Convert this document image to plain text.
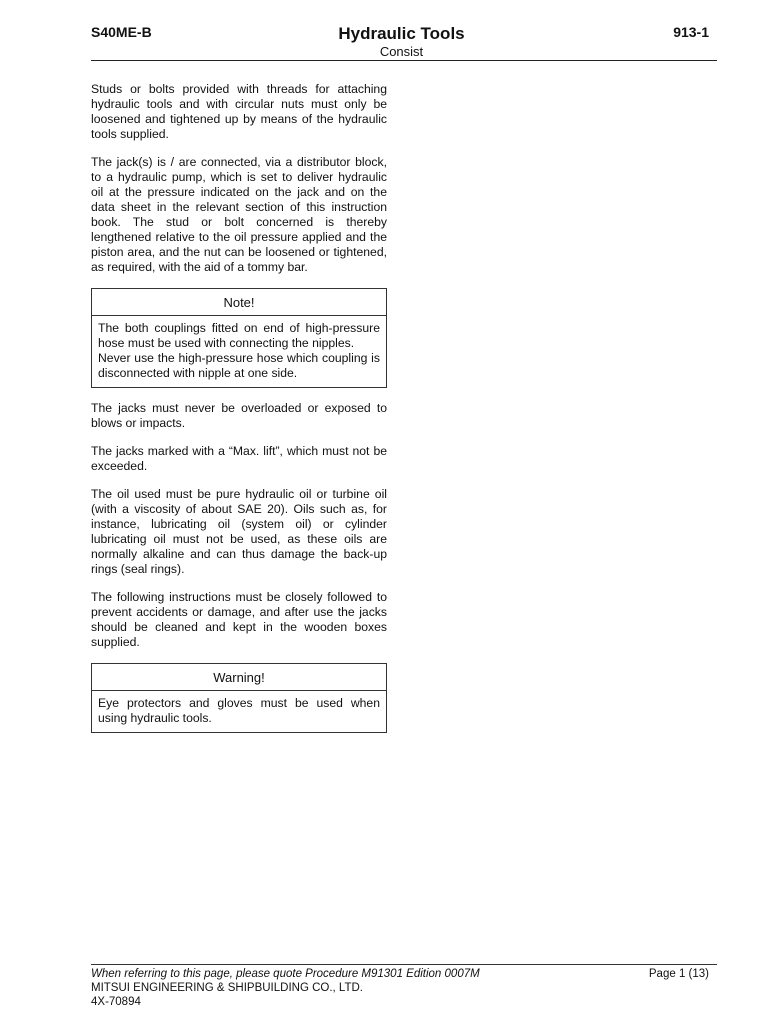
S40ME-B	Hydraulic Tools
Consist
913-1

Studs or bolts provided with threads for attaching hydraulic tools and with circular nuts must only be loosened and tightened up by means of the hydraulic tools supplied.

The jack(s) is / are connected, via a distributor block, to a hydraulic pump, which is set to deliver hydraulic oil at the pressure indicated on the jack and on the data sheet in the relevant section of this instruction book. The stud or bolt concerned is thereby lengthened relative to the oil pressure applied and the piston area, and the nut can be loosened or tightened, as required, with the aid of a tommy bar.

Note!

The both couplings fitted on end of high-pressure hose must be used with connecting the nipples.

Never use the high-pressure hose which coupling is disconnected with nipple at one side.

The jacks must never be overloaded or exposed to blows or impacts.

The jacks marked with a “Max. lift”, which must not be exceeded.

The oil used must be pure hydraulic oil or turbine oil (with a viscosity of about SAE 20). Oils such as, for instance, lubricating oil (system oil) or cylinder lubricating oil must not be used, as these oils are normally alkaline and can thus damage the back-up rings (seal rings).

The following instructions must be closely followed to prevent accidents or damage, and after use the jacks should be cleaned and kept in the wooden boxes supplied.

Warning!

Eye protectors and gloves must be used when using hydraulic tools.

When referring to this page, please quote Procedure M91301 Edition 0007M	Page 1 (13)
MITSUI ENGINEERING & SHIPBUILDING CO., LTD.
4X-70894
